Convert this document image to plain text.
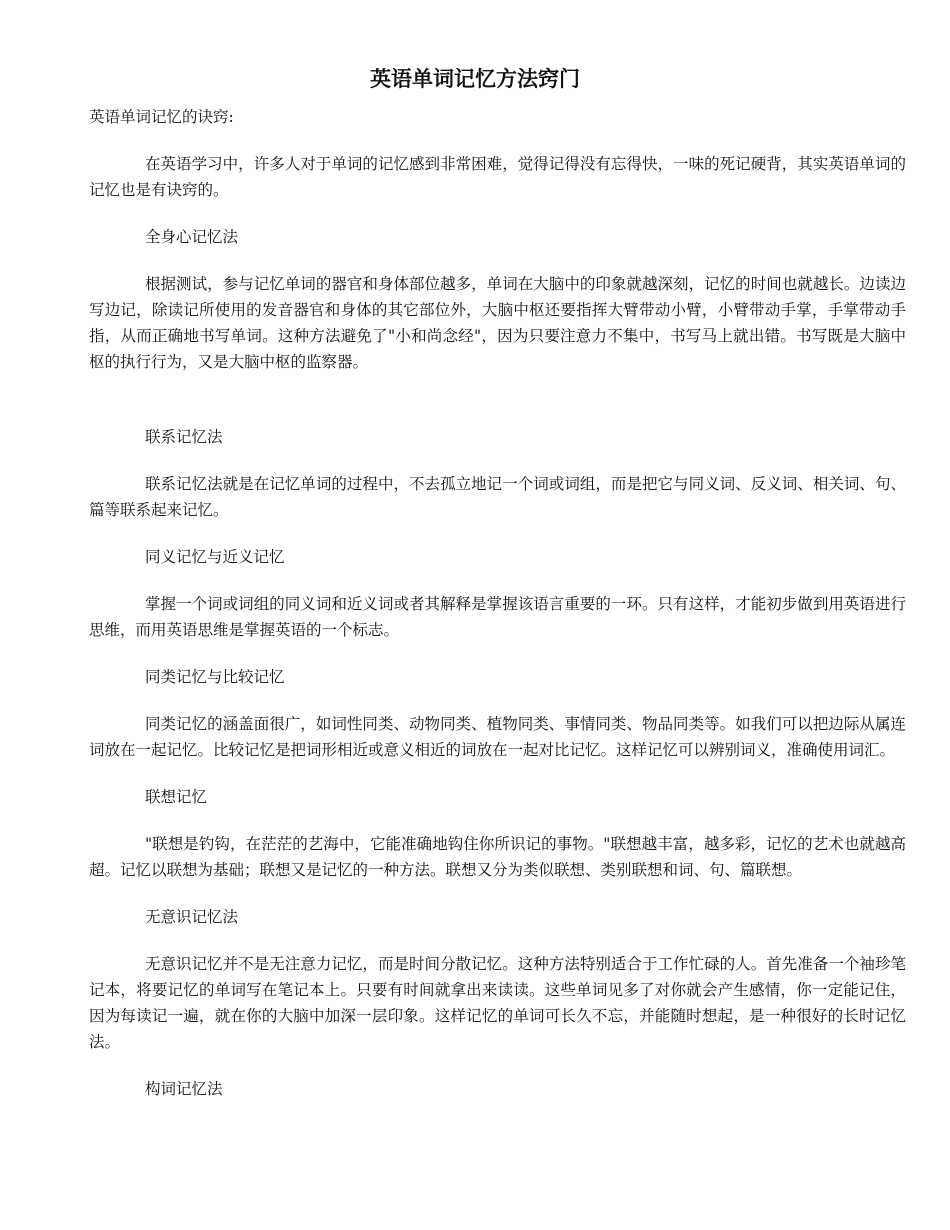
英语单词记忆方法窍门
英语单词记忆的诀窍:

在英语学习中，许多人对于单词的记忆感到非常困难，觉得记得没有忘得快，一味的死记硬背，其实英语单词的记忆也是有诀窍的。

全身心记忆法

根据测试，参与记忆单词的器官和身体部位越多，单词在大脑中的印象就越深刻，记忆的时间也就越长。边读边写边记，除读记所使用的发音器官和身体的其它部位外，大脑中枢还要指挥大臂带动小臂，小臂带动手掌，手掌带动手指，从而正确地书写单词。这种方法避免了"小和尚念经"，因为只要注意力不集中，书写马上就出错。书写既是大脑中枢的执行行为，又是大脑中枢的监察器。

联系记忆法

联系记忆法就是在记忆单词的过程中，不去孤立地记一个词或词组，而是把它与同义词、反义词、相关词、句、篇等联系起来记忆。

同义记忆与近义记忆

掌握一个词或词组的同义词和近义词或者其解释是掌握该语言重要的一环。只有这样，才能初步做到用英语进行思维，而用英语思维是掌握英语的一个标志。

同类记忆与比较记忆

同类记忆的涵盖面很广，如词性同类、动物同类、植物同类、事情同类、物品同类等。如我们可以把边际从属连词放在一起记忆。比较记忆是把词形相近或意义相近的词放在一起对比记忆。这样记忆可以辨别词义，准确使用词汇。

联想记忆

"联想是钓钩，在茫茫的艺海中，它能准确地钩住你所识记的事物。"联想越丰富，越多彩，记忆的艺术也就越高超。记忆以联想为基础；联想又是记忆的一种方法。联想又分为类似联想、类别联想和词、句、篇联想。

无意识记忆法

无意识记忆并不是无注意力记忆，而是时间分散记忆。这种方法特别适合于工作忙碌的人。首先准备一个袖珍笔记本，将要记忆的单词写在笔记本上。只要有时间就拿出来读读。这些单词见多了对你就会产生感情，你一定能记住，因为每读记一遍，就在你的大脑中加深一层印象。这样记忆的单词可长久不忘，并能随时想起，是一种很好的长时记忆法。

构词记忆法
